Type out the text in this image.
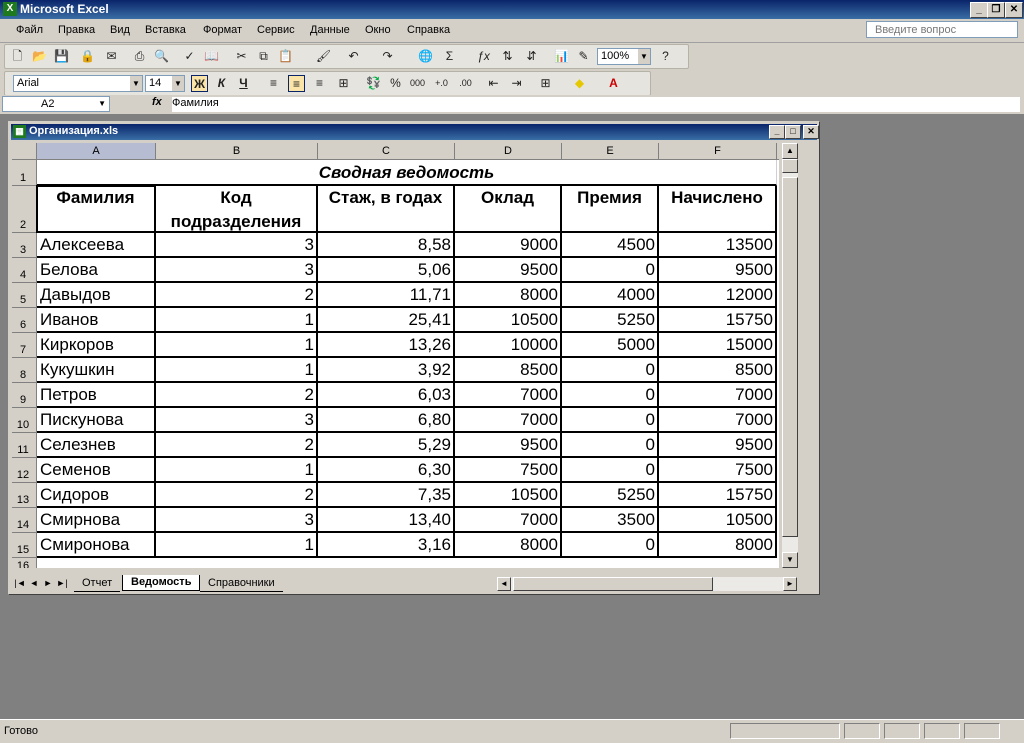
X Microsoft Excel	_ ❐ ✕
Файл Правка Вид Вставка Формат Сервис Данные Окно Справка	Введите вопрос
🗋 📂 💾 🔒 ✉	⎙ 🔍 ✓ 📖 ✂	⧉ 📋 🖌 ↶ ↷ 🌐	Σ	ƒx ⇅ ⇵ 📊 ✎	100% ▼	?
Arial	▼ 14 ▼ Ж	К	Ч	≡	≡	≡	⊞ 💱 %	000 +.0 .00 ⇤ ⇥ ⊞	◆	A
A2	▼	fx Фамилия
▦ Организация.xls	_	□	✕
A	B	C	D	E	F
1
2
3
4
5
6
7
8
9
10
11
12
13
14
15
16
Сводная ведомость
Фамилия	Код подразделения
Стаж, в годах	Оклад	Премия	Начислено
Алексеева	3	8,58	9000	4500	13500
Белова	3	5,06	9500	0	9500
Давыдов	2	11,71	8000	4000	12000
Иванов	1	25,41	10500	5250	15750
Киркоров	1	13,26	10000	5000	15000
Кукушкин	1	3,92	8500	0	8500
Петров	2	6,03	7000	0	7000
Пискунова	3	6,80	7000	0	7000
Селезнев	2	5,29	9500	0	9500
Семенов	1	6,30	7500	0	7500
Сидоров	2	7,35	10500	5250	15750
Смирнова	3	13,40	7000	3500	10500
Смиронова	1	3,16	8000	0	8000
▲
▼
|◄ ◄ ► ►|	Отчет	Ведомость	Справочники	◄	►
Готово
